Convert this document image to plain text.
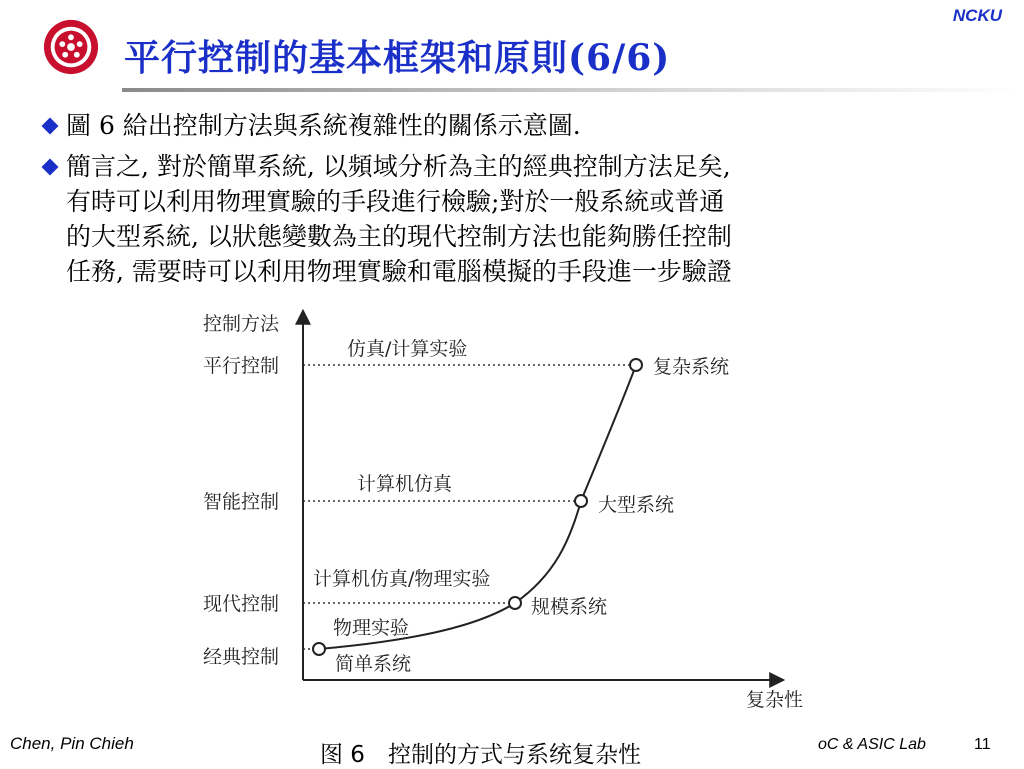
NCKU
平行控制的基本框架和原則(6/6)
圖 6 給出控制方法與系統複雜性的關係示意圖.
簡言之, 對於簡單系統, 以頻域分析為主的經典控制方法足矣,
有時可以利用物理實驗的手段進行檢驗;對於一般系統或普通
的大型系統, 以狀態變數為主的現代控制方法也能夠勝任控制
任務, 需要時可以利用物理實驗和電腦模擬的手段進一步驗證
控制方法
复杂性
平行控制
智能控制
现代控制
经典控制
复杂系统
大型系统
规模系统
简单系统
仿真/计算实验
计算机仿真
计算机仿真/物理实验
物理实验
图 6　控制的方式与系统复杂性
Chen, Pin Chieh	oC & ASIC Lab	11
